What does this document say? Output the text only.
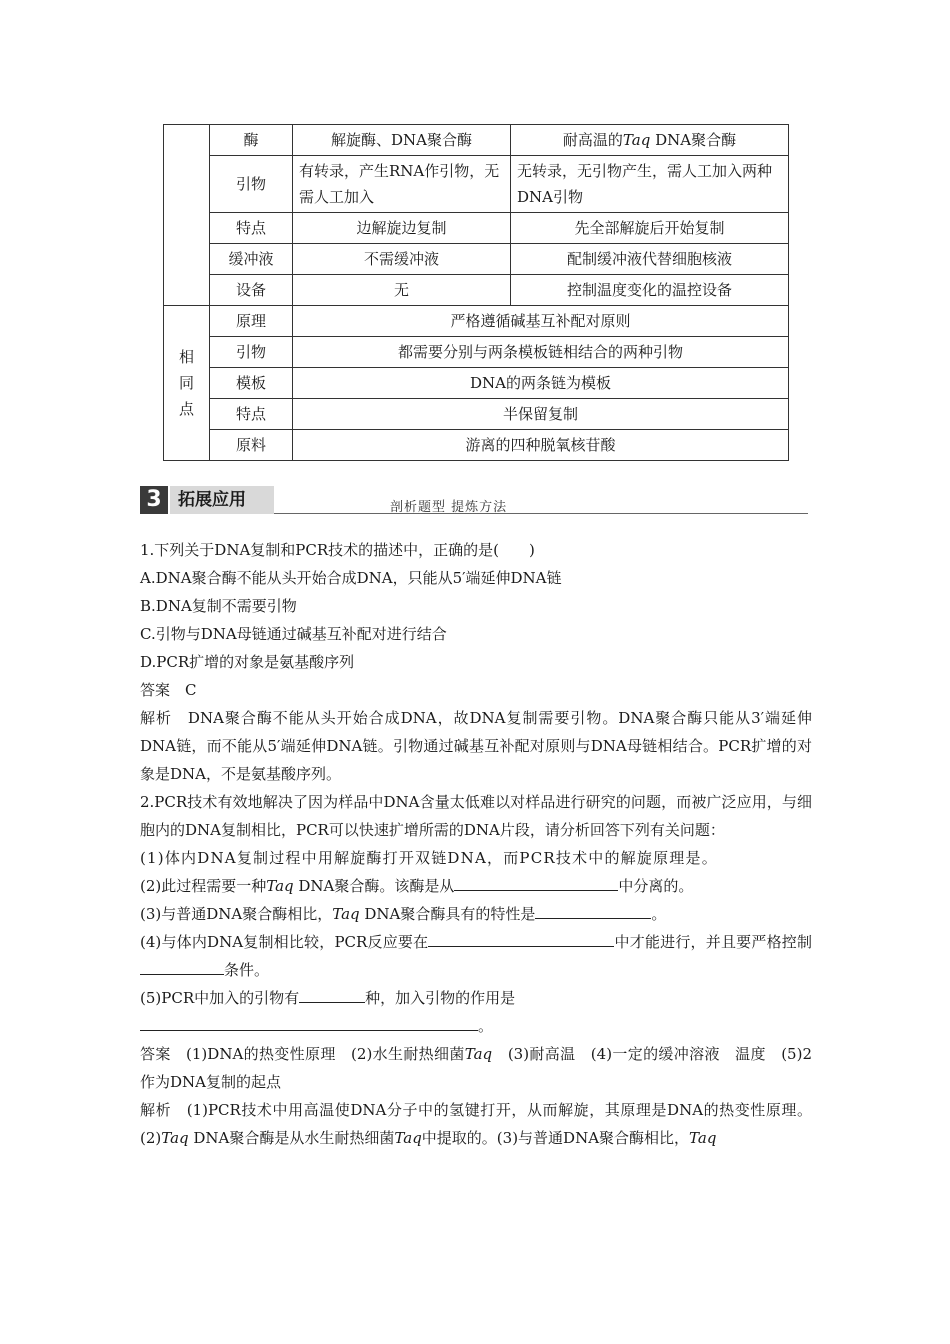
	酶	解旋酶、DNA聚合酶	耐高温的Taq DNA聚合酶
	引物	有转录，产生RNA作引物，无需人工加入	无转录，无引物产生，需人工加入两种DNA引物
	特点	边解旋边复制	先全部解旋后开始复制
	缓冲液	不需缓冲液	配制缓冲液代替细胞核液
	设备	无	控制温度变化的温控设备

相
同
点	原理	严格遵循碱基互补配对原则	
	引物	都需要分别与两条模板链相结合的两种引物	
	模板	DNA的两条链为模板	
	特点	半保留复制	
	原料	游离的四种脱氧核苷酸	
3 拓展应用	剖析题型 提炼方法

1.下列关于DNA复制和PCR技术的描述中，正确的是(　　)

A.DNA聚合酶不能从头开始合成DNA，只能从5′端延伸DNA链

B.DNA复制不需要引物

C.引物与DNA母链通过碱基互补配对进行结合

D.PCR扩增的对象是氨基酸序列

答案　C

解析　DNA聚合酶不能从头开始合成DNA，故DNA复制需要引物。DNA聚合酶只能从3′端延伸DNA链，而不能从5′端延伸DNA链。引物通过碱基互补配对原则与DNA母链相结合。PCR扩增的对象是DNA，不是氨基酸序列。

2.PCR技术有效地解决了因为样品中DNA含量太低难以对样品进行研究的问题，而被广泛应用，与细胞内的DNA复制相比，PCR可以快速扩增所需的DNA片段，请分析回答下列有关问题：

(1)体内DNA复制过程中用解旋酶打开双链DNA，而PCR技术中的解旋原理是。

(2)此过程需要一种Taq DNA聚合酶。该酶是从	中分离的。

(3)与普通DNA聚合酶相比，Taq DNA聚合酶具有的特性是	。

(4)与体内DNA复制相比较，PCR反应要在	中才能进行，并且要严格控制条件。

(5)PCR中加入的引物有	种，加入引物的作用是

。

答案　(1)DNA的热变性原理　(2)水生耐热细菌Taq　(3)耐高温　(4)一定的缓冲溶液　温度　(5)2　作为DNA复制的起点

解析　(1)PCR技术中用高温使DNA分子中的氢键打开，从而解旋，其原理是DNA的热变性原理。(2)Taq DNA聚合酶是从水生耐热细菌Taq中提取的。(3)与普通DNA聚合酶相比，Taq
